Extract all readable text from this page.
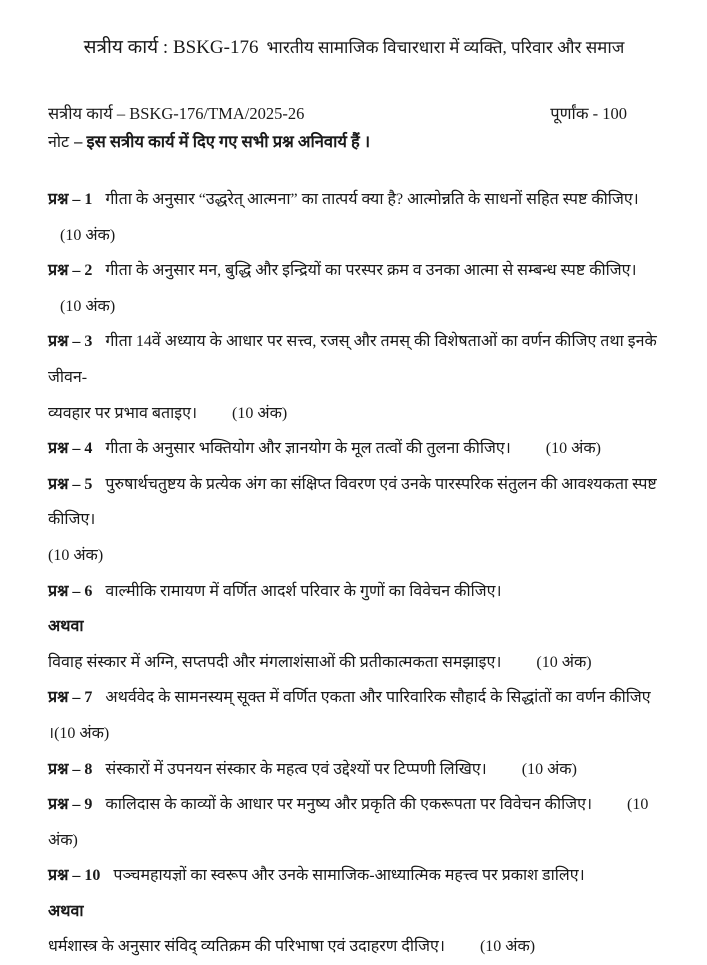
सत्रीय कार्य : BSKG-176 भारतीय सामाजिक विचारधारा में व्यक्ति, परिवार और समाज
सत्रीय कार्य – BSKG-176/TMA/2025-26	पूर्णांक - 100
नोट – इस सत्रीय कार्य में दिए गए सभी प्रश्न अनिवार्य हैं ।

प्रश्न – 1 गीता के अनुसार “उद्धरेत् आत्मना” का तात्पर्य क्या है? आत्मोन्नति के साधनों सहित स्पष्ट कीजिए।(10 अंक)

प्रश्न – 2 गीता के अनुसार मन, बुद्धि और इन्द्रियों का परस्पर क्रम व उनका आत्मा से सम्बन्ध स्पष्ट कीजिए।(10 अंक)

प्रश्न – 3 गीता 14वें अध्याय के आधार पर सत्त्व, रजस् और तमस् की विशेषताओं का वर्णन कीजिए तथा इनके जीवन-

व्यवहार पर प्रभाव बताइए। (10 अंक)

प्रश्न – 4 गीता के अनुसार भक्तियोग और ज्ञानयोग के मूल तत्वों की तुलना कीजिए। (10 अंक)

प्रश्न – 5 पुरुषार्थचतुष्टय के प्रत्येक अंग का संक्षिप्त विवरण एवं उनके पारस्परिक संतुलन की आवश्यकता स्पष्ट कीजिए।

(10 अंक)

प्रश्न – 6 वाल्मीकि रामायण में वर्णित आदर्श परिवार के गुणों का विवेचन कीजिए।

अथवा

विवाह संस्कार में अग्नि, सप्तपदी और मंगलाशंसाओं की प्रतीकात्मकता समझाइए। (10 अंक)

प्रश्न – 7 अथर्ववेद के सामनस्यम् सूक्त में वर्णित एकता और पारिवारिक सौहार्द के सिद्धांतों का वर्णन कीजिए ।(10 अंक)

प्रश्न – 8 संस्कारों में उपनयन संस्कार के महत्व एवं उद्देश्यों पर टिप्पणी लिखिए। (10 अंक)

प्रश्न – 9 कालिदास के काव्यों के आधार पर मनुष्य और प्रकृति की एकरूपता पर विवेचन कीजिए। (10 अंक)

प्रश्न – 10 पञ्चमहायज्ञों का स्वरूप और उनके सामाजिक-आध्यात्मिक महत्त्व पर प्रकाश डालिए।

अथवा

धर्मशास्त्र के अनुसार संविद् व्यतिक्रम की परिभाषा एवं उदाहरण दीजिए। (10 अंक)
